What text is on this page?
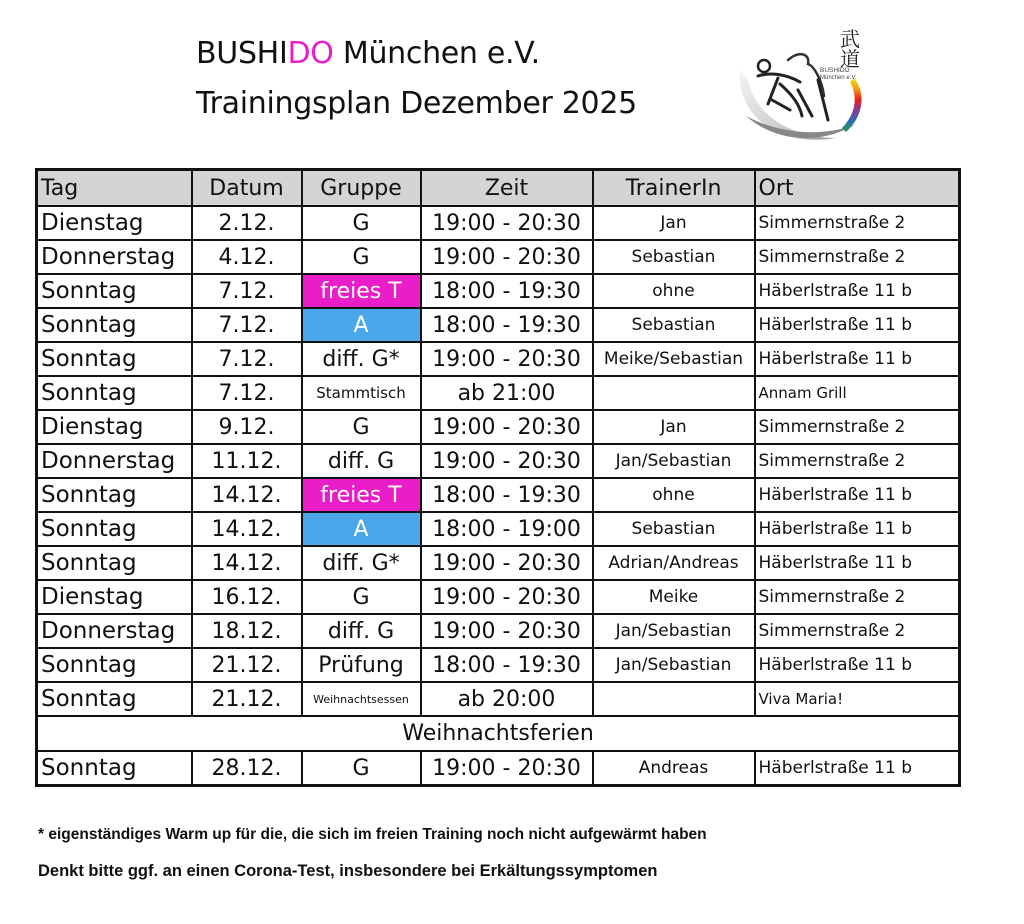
BUSHIDO München e.V.
Trainingsplan Dezember 2025
武
道
BUSHIDO
München e.V.
Tag	Datum	Gruppe	Zeit	TrainerIn	Ort
Dienstag	2.12.	G	19:00 - 20:30	Jan	Simmernstraße 2
Donnerstag	4.12.	G	19:00 - 20:30	Sebastian	Simmernstraße 2
Sonntag	7.12.	freies T	18:00 - 19:30	ohne	Häberlstraße 11 b
Sonntag	7.12.	A	18:00 - 19:30	Sebastian	Häberlstraße 11 b
Sonntag	7.12.	diff. G*	19:00 - 20:30	Meike/Sebastian	Häberlstraße 11 b
Sonntag	7.12.	Stammtisch	ab 21:00		Annam Grill
Dienstag	9.12.	G	19:00 - 20:30	Jan	Simmernstraße 2
Donnerstag	11.12.	diff. G	19:00 - 20:30	Jan/Sebastian	Simmernstraße 2
Sonntag	14.12.	freies T	18:00 - 19:30	ohne	Häberlstraße 11 b
Sonntag	14.12.	A	18:00 - 19:00	Sebastian	Häberlstraße 11 b
Sonntag	14.12.	diff. G*	19:00 - 20:30	Adrian/Andreas	Häberlstraße 11 b
Dienstag	16.12.	G	19:00 - 20:30	Meike	Simmernstraße 2
Donnerstag	18.12.	diff. G	19:00 - 20:30	Jan/Sebastian	Simmernstraße 2
Sonntag	21.12.	Prüfung	18:00 - 19:30	Jan/Sebastian	Häberlstraße 11 b
Sonntag	21.12.	Weihnachtsessen	ab 20:00		Viva Maria!
Weihnachtsferien					
Sonntag	28.12.	G	19:00 - 20:30	Andreas	Häberlstraße 11 b
* eigenständiges Warm up für die, die sich im freien Training noch nicht aufgewärmt haben
Denkt bitte ggf. an einen Corona-Test, insbesondere bei Erkältungssymptomen
